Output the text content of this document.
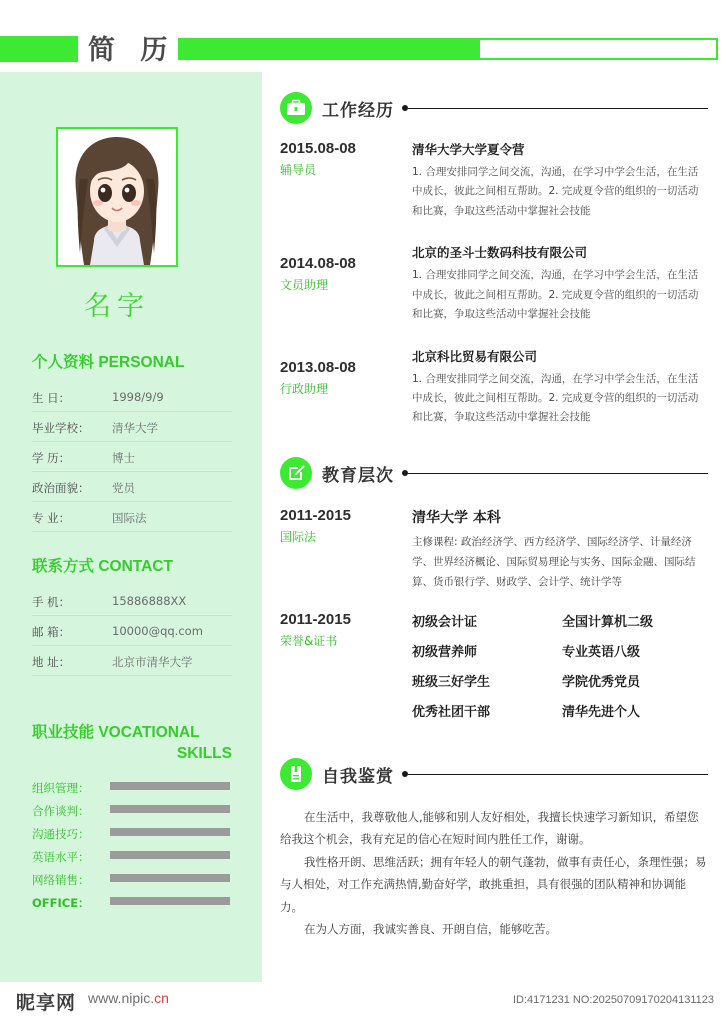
简 历
名字
个人资料 PERSONAL
生 日：	1998/9/9
毕业学校：	清华大学
学 历：	博士
政治面貌：	党员
专 业：	国际法
联系方式 CONTACT
手 机：	15886888XX
邮 箱：	10000@qq.com
地 址：	北京市清华大学
职业技能 VOCATIONAL
SKILLS
组织管理：
合作谈判：
沟通技巧：
英语水平：
网络销售：
OFFICE：
工作经历
2015.08-08
辅导员
清华大学大学夏令营
1. 合理安排同学之间交流，沟通，在学习中学会生活，在生活中成长，彼此之间相互帮助。2. 完成夏令营的组织的一切活动和比赛，争取这些活动中掌握社会技能
2014.08-08
文员助理
北京的圣斗士数码科技有限公司
1. 合理安排同学之间交流，沟通，在学习中学会生活，在生活中成长，彼此之间相互帮助。2. 完成夏令营的组织的一切活动和比赛，争取这些活动中掌握社会技能
2013.08-08
行政助理
北京科比贸易有限公司
1. 合理安排同学之间交流，沟通，在学习中学会生活，在生活中成长，彼此之间相互帮助。2. 完成夏令营的组织的一切活动和比赛，争取这些活动中掌握社会技能
教育层次
2011-2015
国际法
清华大学 本科
主修课程: 政治经济学、西方经济学、国际经济学、计量经济学、世界经济概论、国际贸易理论与实务、国际金融、国际结算、货币银行学、财政学、会计学、统计学等
2011-2015
荣誉&证书
初级会计证	全国计算机二级
初级营养师	专业英语八级
班级三好学生	学院优秀党员
优秀社团干部	清华先进个人
自我鉴赏
在生活中，我尊敬他人,能够和别人友好相处，我擅长快速学习新知识，希望您给我这个机会，我有充足的信心在短时间内胜任工作，谢谢。
我性格开朗、思维活跃；拥有年轻人的朝气蓬勃，做事有责任心，条理性强；易与人相处，对工作充满热情,勤奋好学，敢挑重担，具有很强的团队精神和协调能力。
在为人方面，我诚实善良、开朗自信，能够吃苦。
昵享网 www.nipic.cn	ID:4171231 NO:20250709170204131123
